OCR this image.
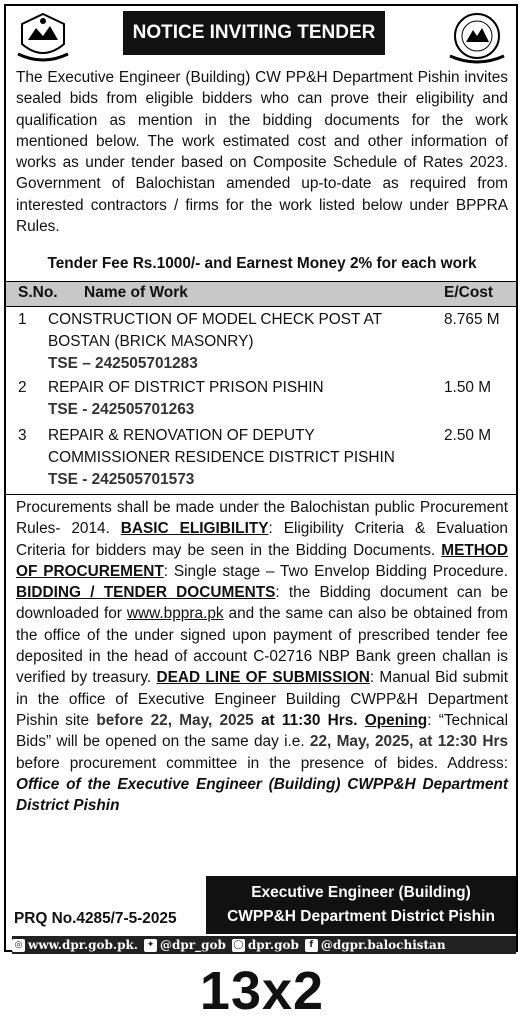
NOTICE INVITING TENDER
The Executive Engineer (Building) CW PP&H Department Pishin invites sealed bids from eligible bidders who can prove their eligibility and qualification as mention in the bidding documents for the work mentioned below. The work estimated cost and other information of works as under tender based on Composite Schedule of Rates 2023. Government of Balochistan amended up-to-date as required from interested contractors / firms for the work listed below under BPPRA Rules.
Tender Fee Rs.1000/- and Earnest Money 2% for each work
S.No. Name of Work	E/Cost
1 CONSTRUCTION OF MODEL CHECK POST AT BOSTAN (BRICK MASONRY)
TSE – 242505701283
8.765 M
2 REPAIR OF DISTRICT PRISON PISHIN
TSE - 242505701263
1.50 M
3 REPAIR & RENOVATION OF DEPUTY COMMISSIONER RESIDENCE DISTRICT PISHIN TSE - 242505701573
2.50 M
Procurements shall be made under the Balochistan public Procurement Rules- 2014. BASIC ELIGIBILITY: Eligibility Criteria & Evaluation Criteria for bidders may be seen in the Bidding Documents. METHOD OF PROCUREMENT: Single stage – Two Envelop Bidding Procedure. BIDDING / TENDER DOCUMENTS: the Bidding document can be downloaded for www.bppra.pk and the same can also be obtained from the office of the under signed upon payment of prescribed tender fee deposited in the head of account C-02716 NBP Bank green challan is verified by treasury. DEAD LINE OF SUBMISSION: Manual Bid submit in the office of Executive Engineer Building CWPP&H Department Pishin site before 22, May, 2025 at 11:30 Hrs. Opening: “Technical Bids” will be opened on the same day i.e. 22, May, 2025, at 12:30 Hrs before procurement committee in the presence of bides. Address: Office of the Executive Engineer (Building) CWPP&H Department District Pishin
Executive Engineer (Building)
CWPP&H Department District Pishin
PRQ No.4285/7-5-2025
◎ www.dpr.gob.pk. ✦ @dpr_gob ◯ dpr.gob	f @dgpr.balochistan
13x2
